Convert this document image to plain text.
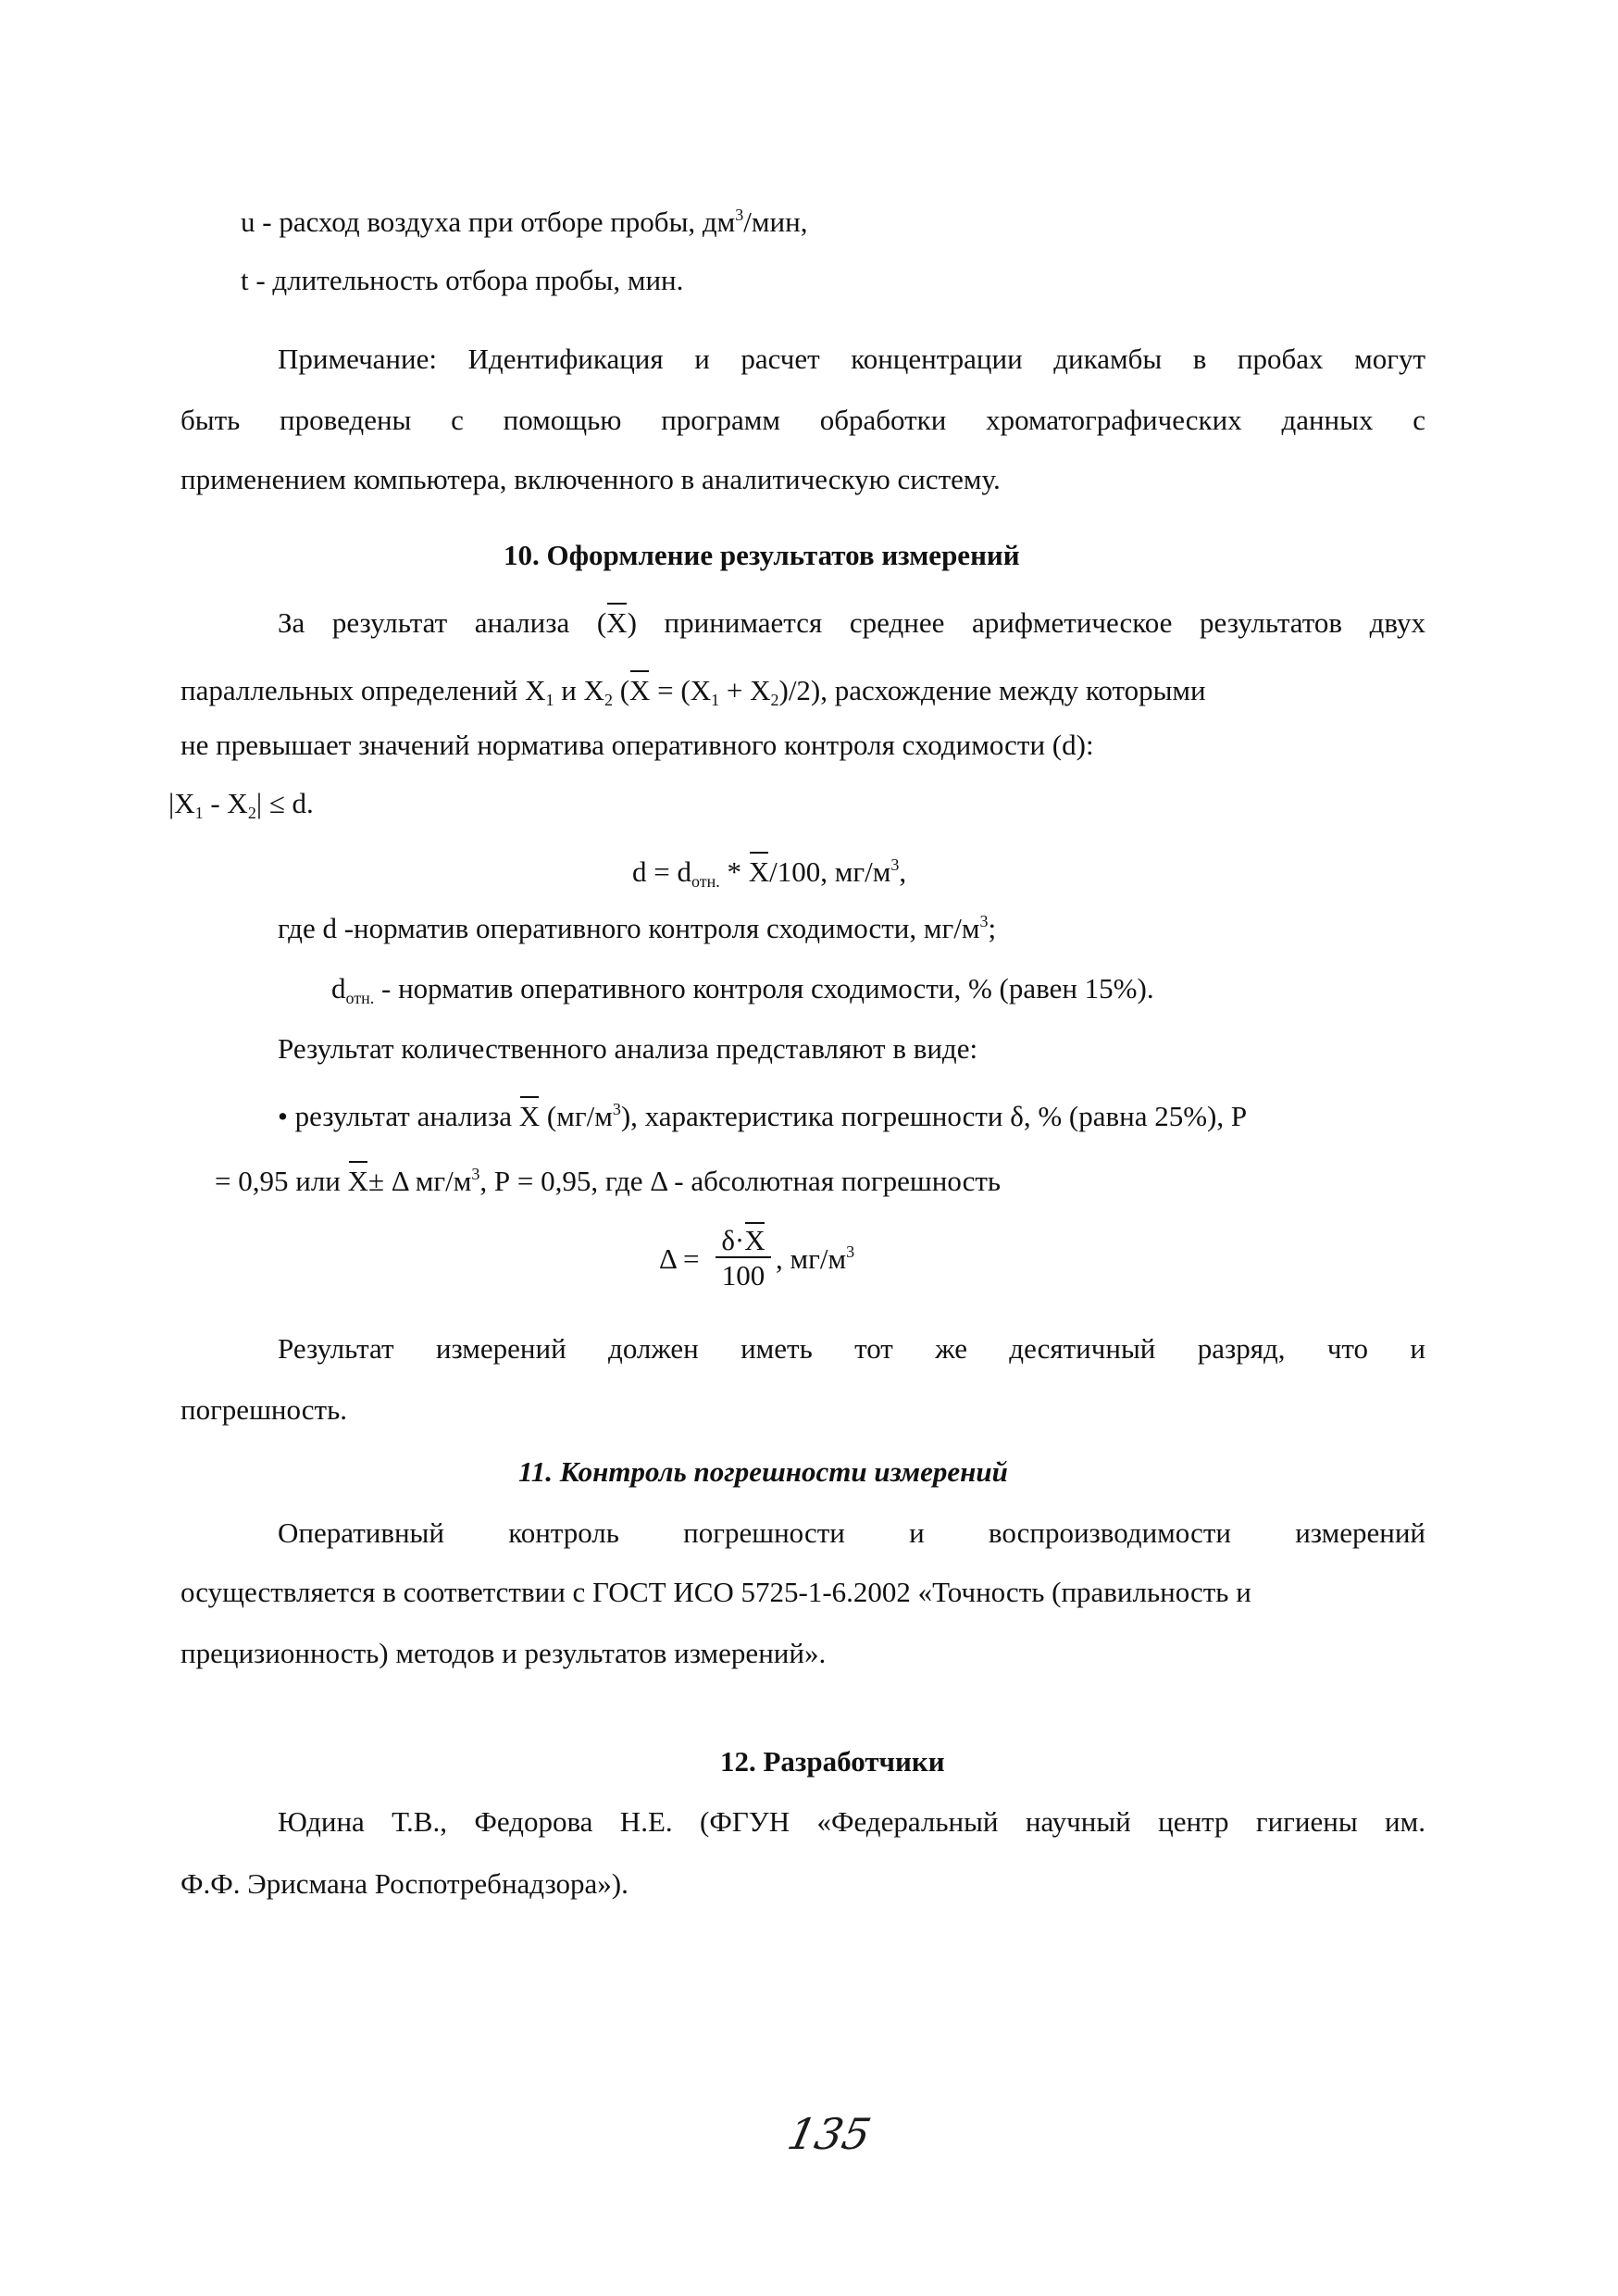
u - расход воздуха при отборе пробы, $дм^3$/мин,
t - длительность отбора пробы, мин.
Примечание: Идентификация и расчет концентрации дикамбы в пробах могут
быть проведены с помощью программ обработки хроматографических данных с
применением компьютера, включенного в аналитическую систему.
10. Оформление результатов измерений
За результат анализа (X) принимается среднее арифметическое результатов двух
параллельных определений $X_1$ и $X_2$ $(X = (X_1 + X_2)/2)$, расхождение между которыми
не превышает значений норматива оперативного контроля сходимости (d):
$|X_1 - X_2| \le d$.
d = dотн. * X/100, $мг/м^3$,
где d -норматив оперативного контроля сходимости, $мг/м^3$;
dотн. - норматив оперативного контроля сходимости, % (равен 15%).
Результат количественного анализа представляют в виде:
• результат анализа X $(мг/м^3)$, характеристика погрешности δ, % (равна 25%), Р
= 0,95 или X± Δ $мг/м^3$, Р = 0,95, где Δ - абсолютная погрешность
Δ =
δ·X
100
, $мг/м^3$
Результат измерений должен иметь тот же десятичный разряд, что и
погрешность.
11. Контроль погрешности измерений
Оперативный контроль погрешности и воспроизводимости измерений
осуществляется в соответствии с ГОСТ ИСО 5725-1-6.2002 «Точность (правильность и
прецизионность) методов и результатов измерений».
12. Разработчики
Юдина Т.В., Федорова Н.Е. (ФГУН «Федеральный научный центр гигиены им.
Ф.Ф. Эрисмана Роспотребнадзора»).
135
